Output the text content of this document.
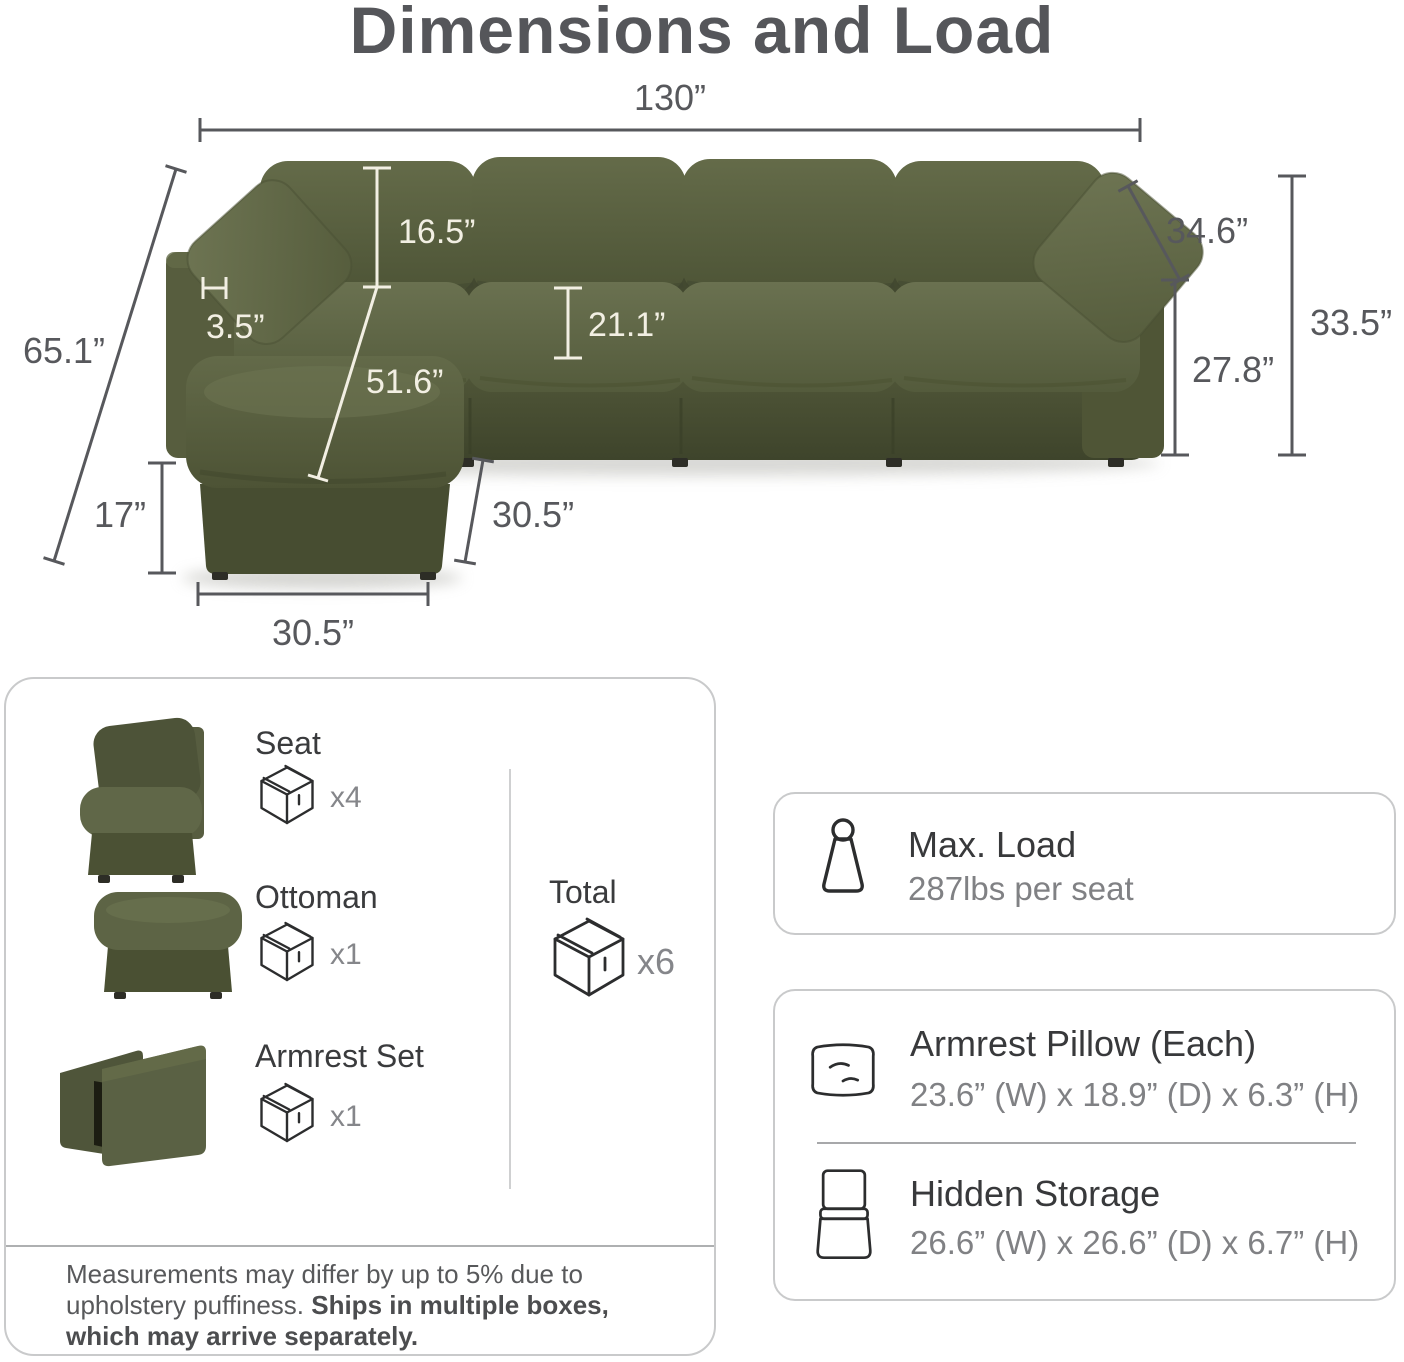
Dimensions and Load
130”
65.1”
17”
30.5”
30.5”
34.6”
27.8”
33.5”
16.5”
3.5”
51.6”
21.1”
Seat
x4
Ottoman
x1
Armrest Set
x1
Total
x6
Measurements may differ by up to 5% due to upholstery puffiness. Ships in multiple boxes, which may arrive separately.
Max. Load
287lbs per seat
Armrest Pillow (Each)
23.6” (W) x 18.9” (D) x 6.3” (H)
Hidden Storage
26.6” (W) x 26.6” (D) x 6.7” (H)
